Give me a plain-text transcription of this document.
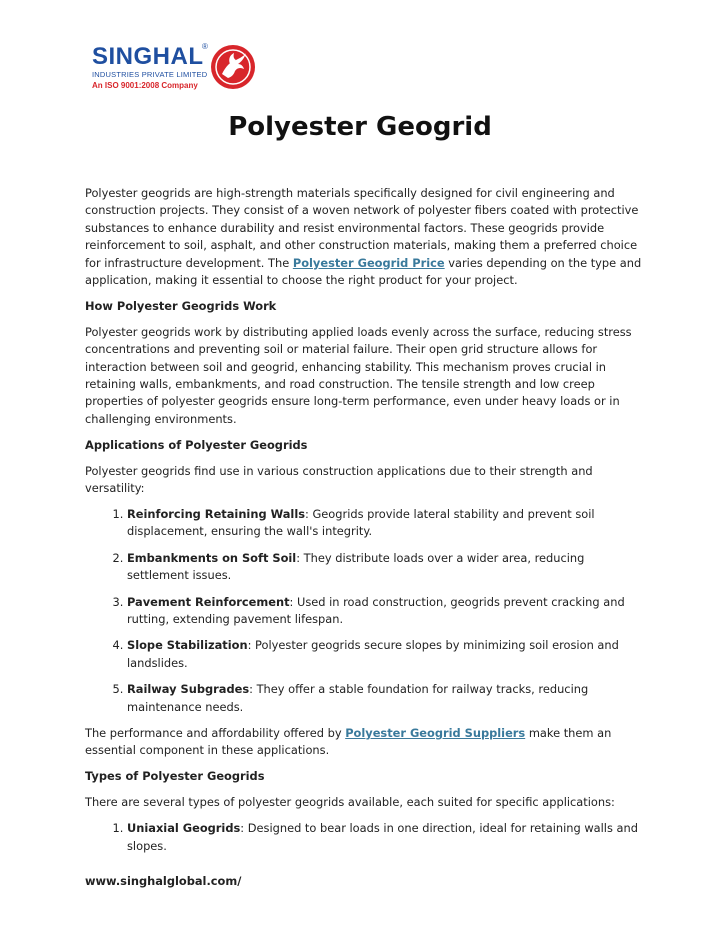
SINGHAL
INDUSTRIES PRIVATE LIMITED
An ISO 9001:2008 Company
®
Polyester Geogrid

Polyester geogrids are high-strength materials specifically designed for civil engineering and construction projects. They consist of a woven network of polyester fibers coated with protective substances to enhance durability and resist environmental factors. These geogrids provide reinforcement to soil, asphalt, and other construction materials, making them a preferred choice for infrastructure development. The Polyester Geogrid Price varies depending on the type and application, making it essential to choose the right product for your project.

How Polyester Geogrids Work

Polyester geogrids work by distributing applied loads evenly across the surface, reducing stress concentrations and preventing soil or material failure. Their open grid structure allows for interaction between soil and geogrid, enhancing stability. This mechanism proves crucial in retaining walls, embankments, and road construction. The tensile strength and low creep properties of polyester geogrids ensure long-term performance, even under heavy loads or in challenging environments.

Applications of Polyester Geogrids

Polyester geogrids find use in various construction applications due to their strength and versatility:

1. Reinforcing Retaining Walls: Geogrids provide lateral stability and prevent soil displacement, ensuring the wall's integrity.
2. Embankments on Soft Soil: They distribute loads over a wider area, reducing settlement issues.
3. Pavement Reinforcement: Used in road construction, geogrids prevent cracking and rutting, extending pavement lifespan.
4. Slope Stabilization: Polyester geogrids secure slopes by minimizing soil erosion and landslides.
5. Railway Subgrades: They offer a stable foundation for railway tracks, reducing maintenance needs.

The performance and affordability offered by Polyester Geogrid Suppliers make them an essential component in these applications.

Types of Polyester Geogrids

There are several types of polyester geogrids available, each suited for specific applications:

1. Uniaxial Geogrids: Designed to bear loads in one direction, ideal for retaining walls and slopes.
www.singhalglobal.com/
